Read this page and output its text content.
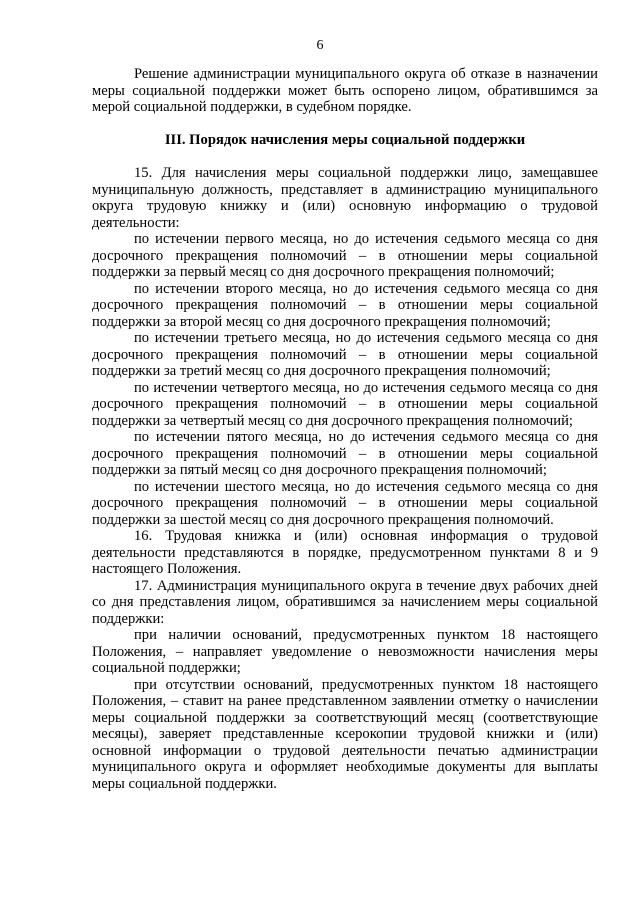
6

Решение администрации муниципального округа об отказе в назначении меры социальной поддержки может быть оспорено лицом, обратившимся за мерой социальной поддержки, в судебном порядке.

III. Порядок начисления меры социальной поддержки

15. Для начисления меры социальной поддержки лицо, замещавшее муниципальную должность, представляет в администрацию муниципального округа трудовую книжку и (или) основную информацию о трудовой деятельности:

по истечении первого месяца, но до истечения седьмого месяца со дня досрочного прекращения полномочий – в отношении меры социальной поддержки за первый месяц со дня досрочного прекращения полномочий;

по истечении второго месяца, но до истечения седьмого месяца со дня досрочного прекращения полномочий – в отношении меры социальной поддержки за второй месяц со дня досрочного прекращения полномочий;

по истечении третьего месяца, но до истечения седьмого месяца со дня досрочного прекращения полномочий – в отношении меры социальной поддержки за третий месяц со дня досрочного прекращения полномочий;

по истечении четвертого месяца, но до истечения седьмого месяца со дня досрочного прекращения полномочий – в отношении меры социальной поддержки за четвертый месяц со дня досрочного прекращения полномочий;

по истечении пятого месяца, но до истечения седьмого месяца со дня досрочного прекращения полномочий – в отношении меры социальной поддержки за пятый месяц со дня досрочного прекращения полномочий;

по истечении шестого месяца, но до истечения седьмого месяца со дня досрочного прекращения полномочий – в отношении меры социальной поддержки за шестой месяц со дня досрочного прекращения полномочий.

16. Трудовая книжка и (или) основная информация о трудовой деятельности представляются в порядке, предусмотренном пунктами 8 и 9 настоящего Положения.

17. Администрация муниципального округа в течение двух рабочих дней со дня представления лицом, обратившимся за начислением меры социальной поддержки:

при наличии оснований, предусмотренных пунктом 18 настоящего Положения, – направляет уведомление о невозможности начисления меры социальной поддержки;

при отсутствии оснований, предусмотренных пунктом 18 настоящего Положения, – ставит на ранее представленном заявлении отметку о начислении меры социальной поддержки за соответствующий месяц (соответствующие месяцы), заверяет представленные ксерокопии трудовой книжки и (или) основной информации о трудовой деятельности печатью администрации муниципального округа и оформляет необходимые документы для выплаты меры социальной поддержки.
